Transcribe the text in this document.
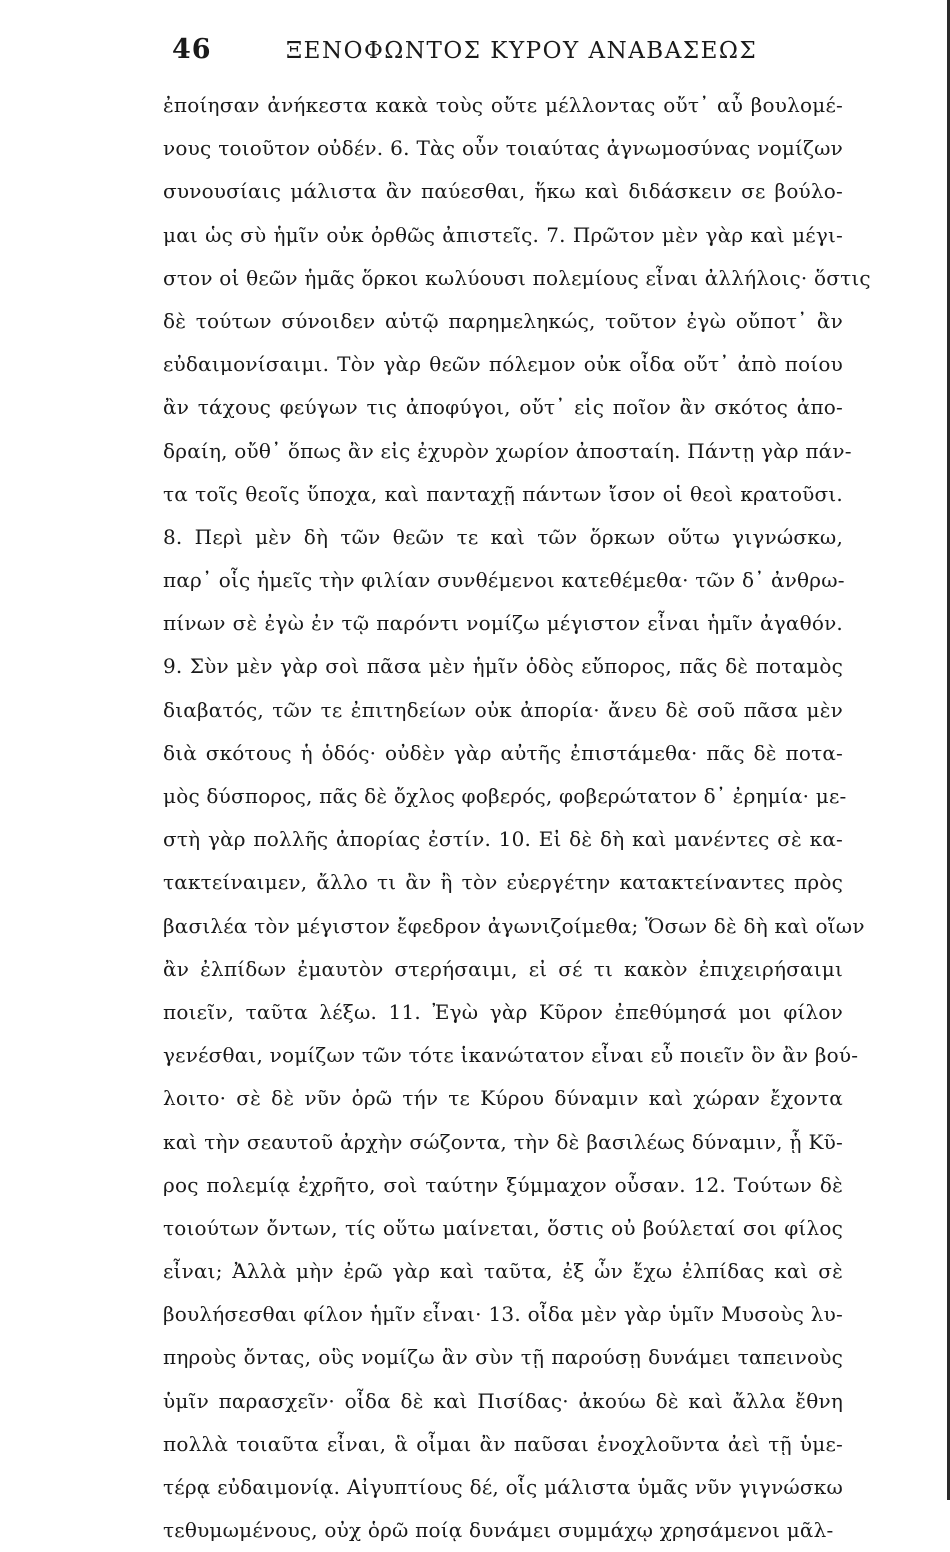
46	ΞΕΝΟΦΩΝΤΟΣ ΚΥΡΟΥ ΑΝΑΒΑΣΕΩΣ
ἐποίησαν ἀνήκεστα κακὰ τοὺς οὔτε μέλλοντας οὔτ᾽ αὖ βουλομέ-
νους τοιοῦτον οὐδέν. 6. Τὰς οὖν τοιαύτας ἀγνωμοσύνας νομίζων
συνουσίαις μάλιστα ἂν παύεσθαι, ἥκω καὶ διδάσκειν σε βούλο-
μαι ὡς σὺ ἡμῖν οὐκ ὀρθῶς ἀπιστεῖς. 7. Πρῶτον μὲν γὰρ καὶ μέγι-
στον οἱ θεῶν ἡμᾶς ὅρκοι κωλύουσι πολεμίους εἶναι ἀλλήλοις· ὅστις
δὲ τούτων σύνοιδεν αὑτῷ παρημεληκώς, τοῦτον ἐγὼ οὔποτ᾽ ἂν
εὐδαιμονίσαιμι. Τὸν γὰρ θεῶν πόλεμον οὐκ οἶδα οὔτ᾽ ἀπὸ ποίου
ἂν τάχους φεύγων τις ἀποφύγοι, οὔτ᾽ εἰς ποῖον ἂν σκότος ἀπο-
δραίη, οὔθ᾽ ὅπως ἂν εἰς ἐχυρὸν χωρίον ἀποσταίη. Πάντῃ γὰρ πάν-
τα τοῖς θεοῖς ὕποχα, καὶ πανταχῇ πάντων ἴσον οἱ θεοὶ κρατοῦσι.
8. Περὶ μὲν δὴ τῶν θεῶν τε καὶ τῶν ὅρκων οὕτω γιγνώσκω,
παρ᾽ οἷς ἡμεῖς τὴν φιλίαν συνθέμενοι κατεθέμεθα· τῶν δ᾽ ἀνθρω-
πίνων σὲ ἐγὼ ἐν τῷ παρόντι νομίζω μέγιστον εἶναι ἡμῖν ἀγαθόν.
9. Σὺν μὲν γὰρ σοὶ πᾶσα μὲν ἡμῖν ὁδὸς εὔπορος, πᾶς δὲ ποταμὸς
διαβατός, τῶν τε ἐπιτηδείων οὐκ ἀπορία· ἄνευ δὲ σοῦ πᾶσα μὲν
διὰ σκότους ἡ ὁδός· οὐδὲν γὰρ αὐτῆς ἐπιστάμεθα· πᾶς δὲ ποτα-
μὸς δύσπορος, πᾶς δὲ ὄχλος φοβερός, φοβερώτατον δ᾽ ἐρημία· με-
στὴ γὰρ πολλῆς ἀπορίας ἐστίν. 10. Εἰ δὲ δὴ καὶ μανέντες σὲ κα-
τακτείναιμεν, ἄλλο τι ἂν ἢ τὸν εὐεργέτην κατακτείναντες πρὸς
βασιλέα τὸν μέγιστον ἔφεδρον ἀγωνιζοίμεθα; Ὅσων δὲ δὴ καὶ οἵων
ἂν ἐλπίδων ἐμαυτὸν στερήσαιμι, εἰ σέ τι κακὸν ἐπιχειρήσαιμι
ποιεῖν, ταῦτα λέξω. 11. Ἐγὼ γὰρ Κῦρον ἐπεθύμησά μοι φίλον
γενέσθαι, νομίζων τῶν τότε ἱκανώτατον εἶναι εὖ ποιεῖν ὃν ἂν βού-
λοιτο· σὲ δὲ νῦν ὁρῶ τήν τε Κύρου δύναμιν καὶ χώραν ἔχοντα
καὶ τὴν σεαυτοῦ ἀρχὴν σώζοντα, τὴν δὲ βασιλέως δύναμιν, ᾗ Κῦ-
ρος πολεμίᾳ ἐχρῆτο, σοὶ ταύτην ξύμμαχον οὖσαν. 12. Τούτων δὲ
τοιούτων ὄντων, τίς οὕτω μαίνεται, ὅστις οὐ βούλεταί σοι φίλος
εἶναι; Ἀλλὰ μὴν ἐρῶ γὰρ καὶ ταῦτα, ἐξ ὧν ἔχω ἐλπίδας καὶ σὲ
βουλήσεσθαι φίλον ἡμῖν εἶναι· 13. οἶδα μὲν γὰρ ὑμῖν Μυσοὺς λυ-
πηροὺς ὄντας, οὓς νομίζω ἂν σὺν τῇ παρούσῃ δυνάμει ταπεινοὺς
ὑμῖν παρασχεῖν· οἶδα δὲ καὶ Πισίδας· ἀκούω δὲ καὶ ἄλλα ἔθνη
πολλὰ τοιαῦτα εἶναι, ἃ οἶμαι ἂν παῦσαι ἐνοχλοῦντα ἀεὶ τῇ ὑμε-
τέρᾳ εὐδαιμονίᾳ. Αἰγυπτίους δέ, οἷς μάλιστα ὑμᾶς νῦν γιγνώσκω
τεθυμωμένους, οὐχ ὁρῶ ποίᾳ δυνάμει συμμάχῳ χρησάμενοι μᾶλ-
